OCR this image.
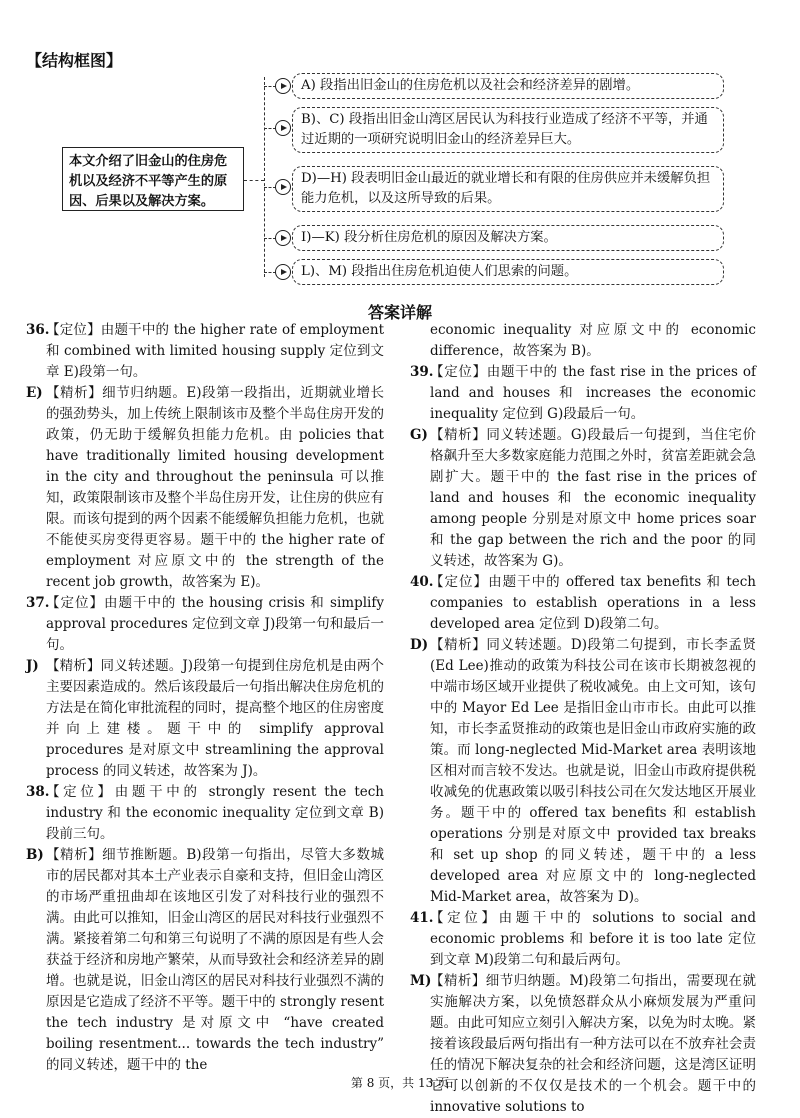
【结构框图】
本文介绍了旧金山的住房危机以及经济不平等产生的原因、后果以及解决方案。
A) 段指出旧金山的住房危机以及社会和经济差异的剧增。
B)、C) 段指出旧金山湾区居民认为科技行业造成了经济不平等，并通过近期的一项研究说明旧金山的经济差异巨大。
D)—H) 段表明旧金山最近的就业增长和有限的住房供应并未缓解负担能力危机，以及这所导致的后果。
I)—K) 段分析住房危机的原因及解决方案。
L)、M) 段指出住房危机迫使人们思索的问题。
答案详解

36.
【定位】由题干中的 the higher rate of employment 和 combined with limited housing supply 定位到文章 E)段第一句。

E) 【精析】细节归纳题。E)段第一段指出，近期就业增长的强劲势头，加上传统上限制该市及整个半岛住房开发的政策，仍无助于缓解负担能力危机。由 policies that have traditionally limited housing development in the city and throughout the peninsula 可以推知，政策限制该市及整个半岛住房开发，让住房的供应有限。而该句提到的两个因素不能缓解负担能力危机，也就不能使买房变得更容易。题干中的 the higher rate of employment 对应原文中的 the strength of the recent job growth，故答案为 E)。

37.
【定位】由题干中的 the housing crisis 和 simplify approval procedures 定位到文章 J)段第一句和最后一句。

J) 【精析】同义转述题。J)段第一句提到住房危机是由两个主要因素造成的。然后该段最后一句指出解决住房危机的方法是在简化审批流程的同时，提高整个地区的住房密度并向上建楼。题干中的 simplify approval procedures 是对原文中 streamlining the approval process 的同义转述，故答案为 J)。

38.
【定位】由题干中的 strongly resent the tech industry 和 the economic inequality 定位到文章 B)段前三句。

B) 【精析】细节推断题。B)段第一句指出，尽管大多数城市的居民都对其本土产业表示自豪和支持，但旧金山湾区的市场严重扭曲却在该地区引发了对科技行业的强烈不满。由此可以推知，旧金山湾区的居民对科技行业强烈不满。紧接着第二句和第三句说明了不满的原因是有些人会获益于经济和房地产繁荣，从而导致社会和经济差异的剧增。也就是说，旧金山湾区的居民对科技行业强烈不满的原因是它造成了经济不平等。题干中的 strongly resent the tech industry 是对原文中 “have created boiling resentment... towards the tech industry” 的同义转述，题干中的 the

economic inequality 对应原文中的 economic difference，故答案为 B)。

39.
【定位】由题干中的 the fast rise in the prices of land and houses 和 increases the economic inequality 定位到 G)段最后一句。

G) 【精析】同义转述题。G)段最后一句提到，当住宅价格飙升至大多数家庭能力范围之外时，贫富差距就会急剧扩大。题干中的 the fast rise in the prices of land and houses 和 the economic inequality among people 分别是对原文中 home prices soar 和 the gap between the rich and the poor 的同义转述，故答案为 G)。

40.
【定位】由题干中的 offered tax benefits 和 tech companies to establish operations in a less developed area 定位到 D)段第二句。

D) 【精析】同义转述题。D)段第二句提到，市长李孟贤(Ed Lee)推动的政策为科技公司在该市长期被忽视的中端市场区域开业提供了税收减免。由上文可知，该句中的 Mayor Ed Lee 是指旧金山市市长。由此可以推知，市长李孟贤推动的政策也是旧金山市政府实施的政策。而 long-neglected Mid-Market area 表明该地区相对而言较不发达。也就是说，旧金山市政府提供税收减免的优惠政策以吸引科技公司在欠发达地区开展业务。题干中的 offered tax benefits 和 establish operations 分别是对原文中 provided tax breaks 和 set up shop 的同义转述，题干中的 a less developed area 对应原文中的 long-neglected Mid-Market area，故答案为 D)。

41.
【定位】由题干中的 solutions to social and economic problems 和 before it is too late 定位到文章 M)段第二句和最后两句。

M)
【精析】细节归纳题。M)段第二句指出，需要现在就实施解决方案，以免愤怒群众从小麻烦发展为严重问题。由此可知应立刻引入解决方案，以免为时太晚。紧接着该段最后两句指出有一种方法可以在不放弃社会责任的情况下解决复杂的社会和经济问题，这是湾区证明它可以创新的不仅仅是技术的一个机会。题干中的 innovative solutions to

第 8 页，共 13 页
